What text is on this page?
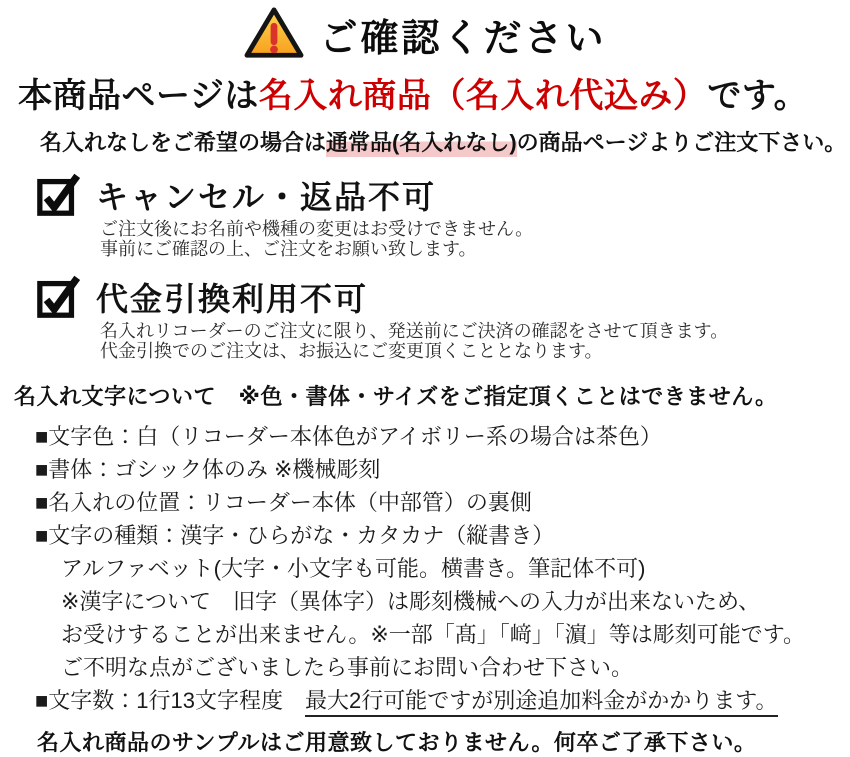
ご確認ください
本商品ページは名入れ商品（名入れ代込み）です。
名入れなしをご希望の場合は通常品(名入れなし)の商品ページよりご注文下さい。
キャンセル・返品不可
ご注文後にお名前や機種の変更はお受けできません。
事前にご確認の上、ご注文をお願い致します。
代金引換利用不可
名入れリコーダーのご注文に限り、発送前にご決済の確認をさせて頂きます。
代金引換でのご注文は、お振込にご変更頂くこととなります。
名入れ文字について　※色・書体・サイズをご指定頂くことはできません。
■文字色：白（リコーダー本体色がアイボリー系の場合は茶色）
■書体：ゴシック体のみ ※機械彫刻
■名入れの位置：リコーダー本体（中部管）の裏側
■文字の種類：漢字・ひらがな・カタカナ（縦書き）
アルファベット(大字・小文字も可能。横書き。筆記体不可)
※漢字について　旧字（異体字）は彫刻機械への入力が出来ないため、
お受けすることが出来ません。※一部「髙」「﨑」「濵」等は彫刻可能です。
ご不明な点がございましたら事前にお問い合わせ下さい。
■文字数：1行13文字程度　最大2行可能ですが別途追加料金がかかります。
名入れ商品のサンプルはご用意致しておりません。何卒ご了承下さい。
